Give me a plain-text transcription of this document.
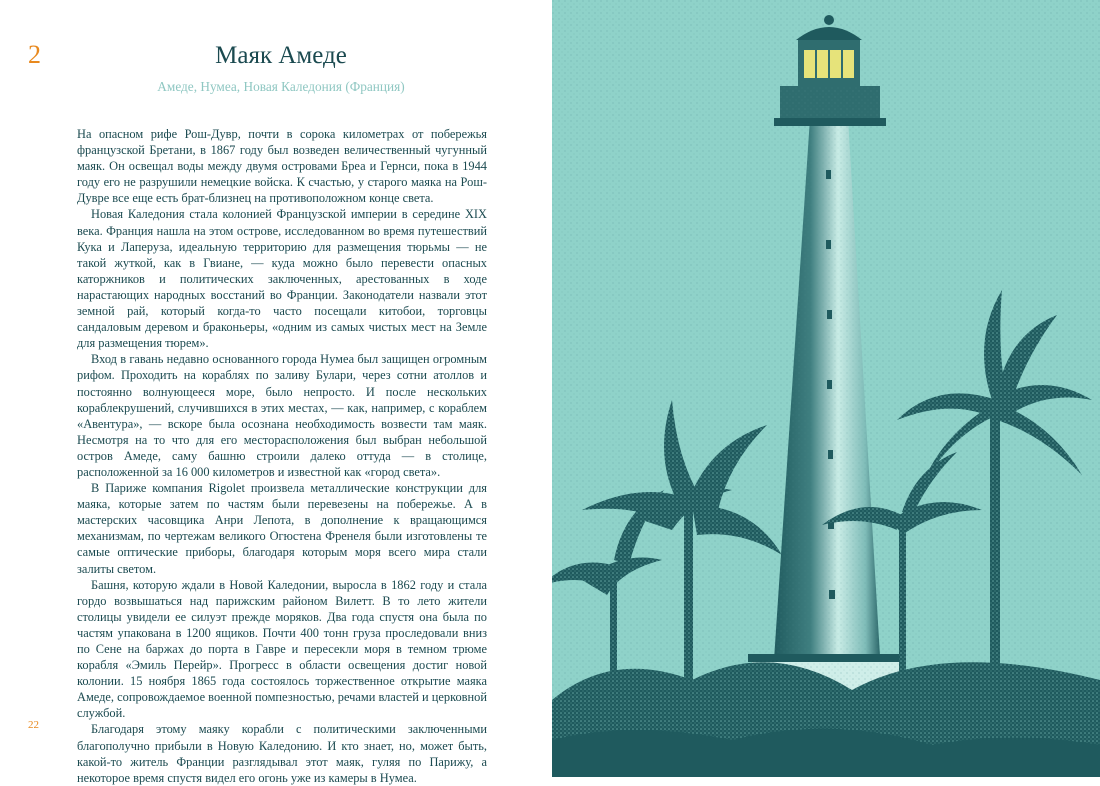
2	Маяк Амеде
Амеде, Нумеа, Новая Каледония (Франция)

На опасном рифе Рош-Дувр, почти в сорока километрах от побережья французской Бретани, в 1867 году был возведен величественный чугунный маяк. Он освещал воды между двумя островами Бреа и Гернси, пока в 1944 году его не разрушили немецкие войска. К счастью, у старого маяка на Рош-Дувре все еще есть брат-близнец на противоположном конце света.

Новая Каледония стала колонией Французской империи в середине XIX века. Франция нашла на этом острове, исследованном во время путешествий Кука и Лаперуза, идеальную территорию для размещения тюрьмы — не такой жуткой, как в Гвиане, — куда можно было перевести опасных каторжников и политических заключенных, арестованных в ходе нарастающих народных восстаний во Франции. Законодатели назвали этот земной рай, который когда-то часто посещали китобои, торговцы сандаловым деревом и браконьеры, «одним из самых чистых мест на Земле для размещения тюрем».

Вход в гавань недавно основанного города Нумеа был защищен огромным рифом. Проходить на кораблях по заливу Булари, через сотни атоллов и постоянно волнующееся море, было непросто. И после нескольких кораблекрушений, случившихся в этих местах, — как, например, с кораблем «Авентура», — вскоре была осознана необходимость возвести там маяк. Несмотря на то что для его месторасположения был выбран небольшой остров Амеде, саму башню строили далеко оттуда — в столице, расположенной за 16 000 километров и известной как «город света».

В Париже компания Rigolet произвела металлические конструкции для маяка, которые затем по частям были перевезены на побережье. А в мастерских часовщика Анри Лепота, в дополнение к вращающимся механизмам, по чертежам великого Огюстена Френеля были изготовлены те самые оптические приборы, благодаря которым моря всего мира стали залиты светом.

Башня, которую ждали в Новой Каледонии, выросла в 1862 году и стала гордо возвышаться над парижским районом Вилетт. В то лето жители столицы увидели ее силуэт прежде моряков. Два года спустя она была по частям упакована в 1200 ящиков. Почти 400 тонн груза проследовали вниз по Сене на баржах до порта в Гавре и пересекли моря в темном трюме корабля «Эмиль Перейр». Прогресс в области освещения достиг новой колонии. 15 ноября 1865 года состоялось торжественное открытие маяка Амеде, сопровождаемое военной помпезностью, речами властей и церковной службой.

Благодаря этому маяку корабли с политическими заключенными благополучно прибыли в Новую Каледонию. И кто знает, но, может быть, какой-то житель Франции разглядывал этот маяк, гуляя по Парижу, а некоторое время спустя видел его огонь уже из камеры в Нумеа.

22
